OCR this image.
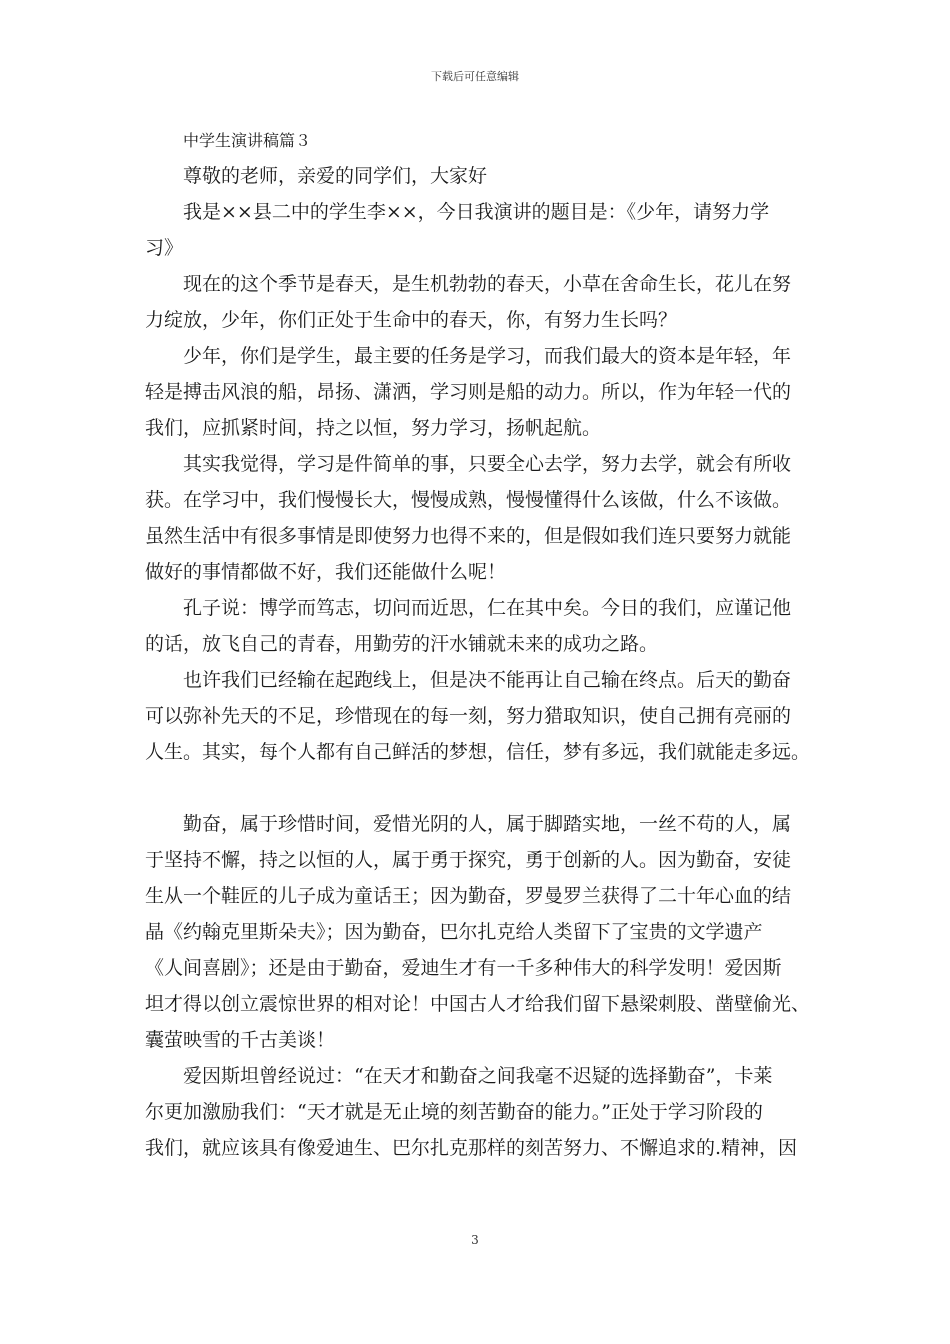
下载后可任意编辑
中学生演讲稿篇３
尊敬的老师，亲爱的同学们，大家好
我是××县二中的学生李××，今日我演讲的题目是：《少年，请努力学
习》
现在的这个季节是春天，是生机勃勃的春天，小草在舍命生长，花儿在努
力绽放，少年，你们正处于生命中的春天，你，有努力生长吗？
少年，你们是学生，最主要的任务是学习，而我们最大的资本是年轻，年
轻是搏击风浪的船，昂扬、潇洒，学习则是船的动力。所以，作为年轻一代的
我们，应抓紧时间，持之以恒，努力学习，扬帆起航。
其实我觉得，学习是件简单的事，只要全心去学，努力去学，就会有所收
获。在学习中，我们慢慢长大，慢慢成熟，慢慢懂得什么该做，什么不该做。
虽然生活中有很多事情是即使努力也得不来的，但是假如我们连只要努力就能
做好的事情都做不好，我们还能做什么呢！
孔子说：博学而笃志，切问而近思，仁在其中矣。今日的我们，应谨记他
的话，放飞自己的青春，用勤劳的汗水铺就未来的成功之路。
也许我们已经输在起跑线上，但是决不能再让自己输在终点。后天的勤奋
可以弥补先天的不足，珍惜现在的每一刻，努力猎取知识，使自己拥有亮丽的
人生。其实，每个人都有自己鲜活的梦想，信任，梦有多远，我们就能走多远。
勤奋，属于珍惜时间，爱惜光阴的人，属于脚踏实地，一丝不苟的人，属
于坚持不懈，持之以恒的人，属于勇于探究，勇于创新的人。因为勤奋，安徒
生从一个鞋匠的儿子成为童话王；因为勤奋，罗曼罗兰获得了二十年心血的结
晶《约翰克里斯朵夫》；因为勤奋，巴尔扎克给人类留下了宝贵的文学遗产
《人间喜剧》；还是由于勤奋，爱迪生才有一千多种伟大的科学发明！爱因斯
坦才得以创立震惊世界的相对论！中国古人才给我们留下悬梁刺股、凿壁偷光、
囊萤映雪的千古美谈！
爱因斯坦曾经说过：“在天才和勤奋之间我毫不迟疑的选择勤奋”，卡莱
尔更加激励我们：“天才就是无止境的刻苦勤奋的能力。”正处于学习阶段的
我们，就应该具有像爱迪生、巴尔扎克那样的刻苦努力、不懈追求的.精神，因
3
